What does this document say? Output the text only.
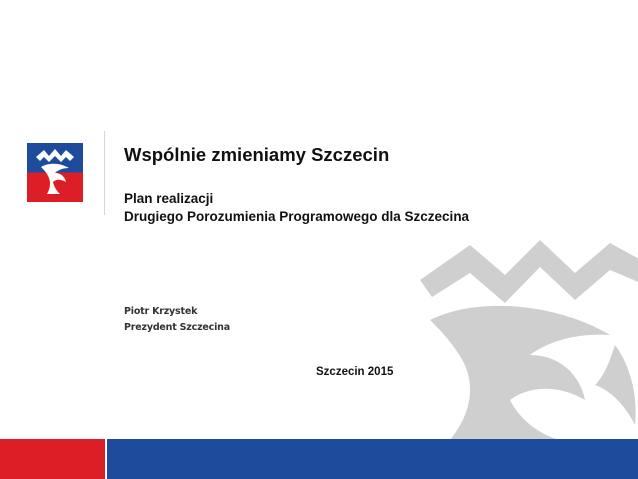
Wspólnie zmieniamy Szczecin
Plan realizacji
Drugiego Porozumienia Programowego dla Szczecina
Piotr Krzystek
Prezydent Szczecina
Szczecin 2015
